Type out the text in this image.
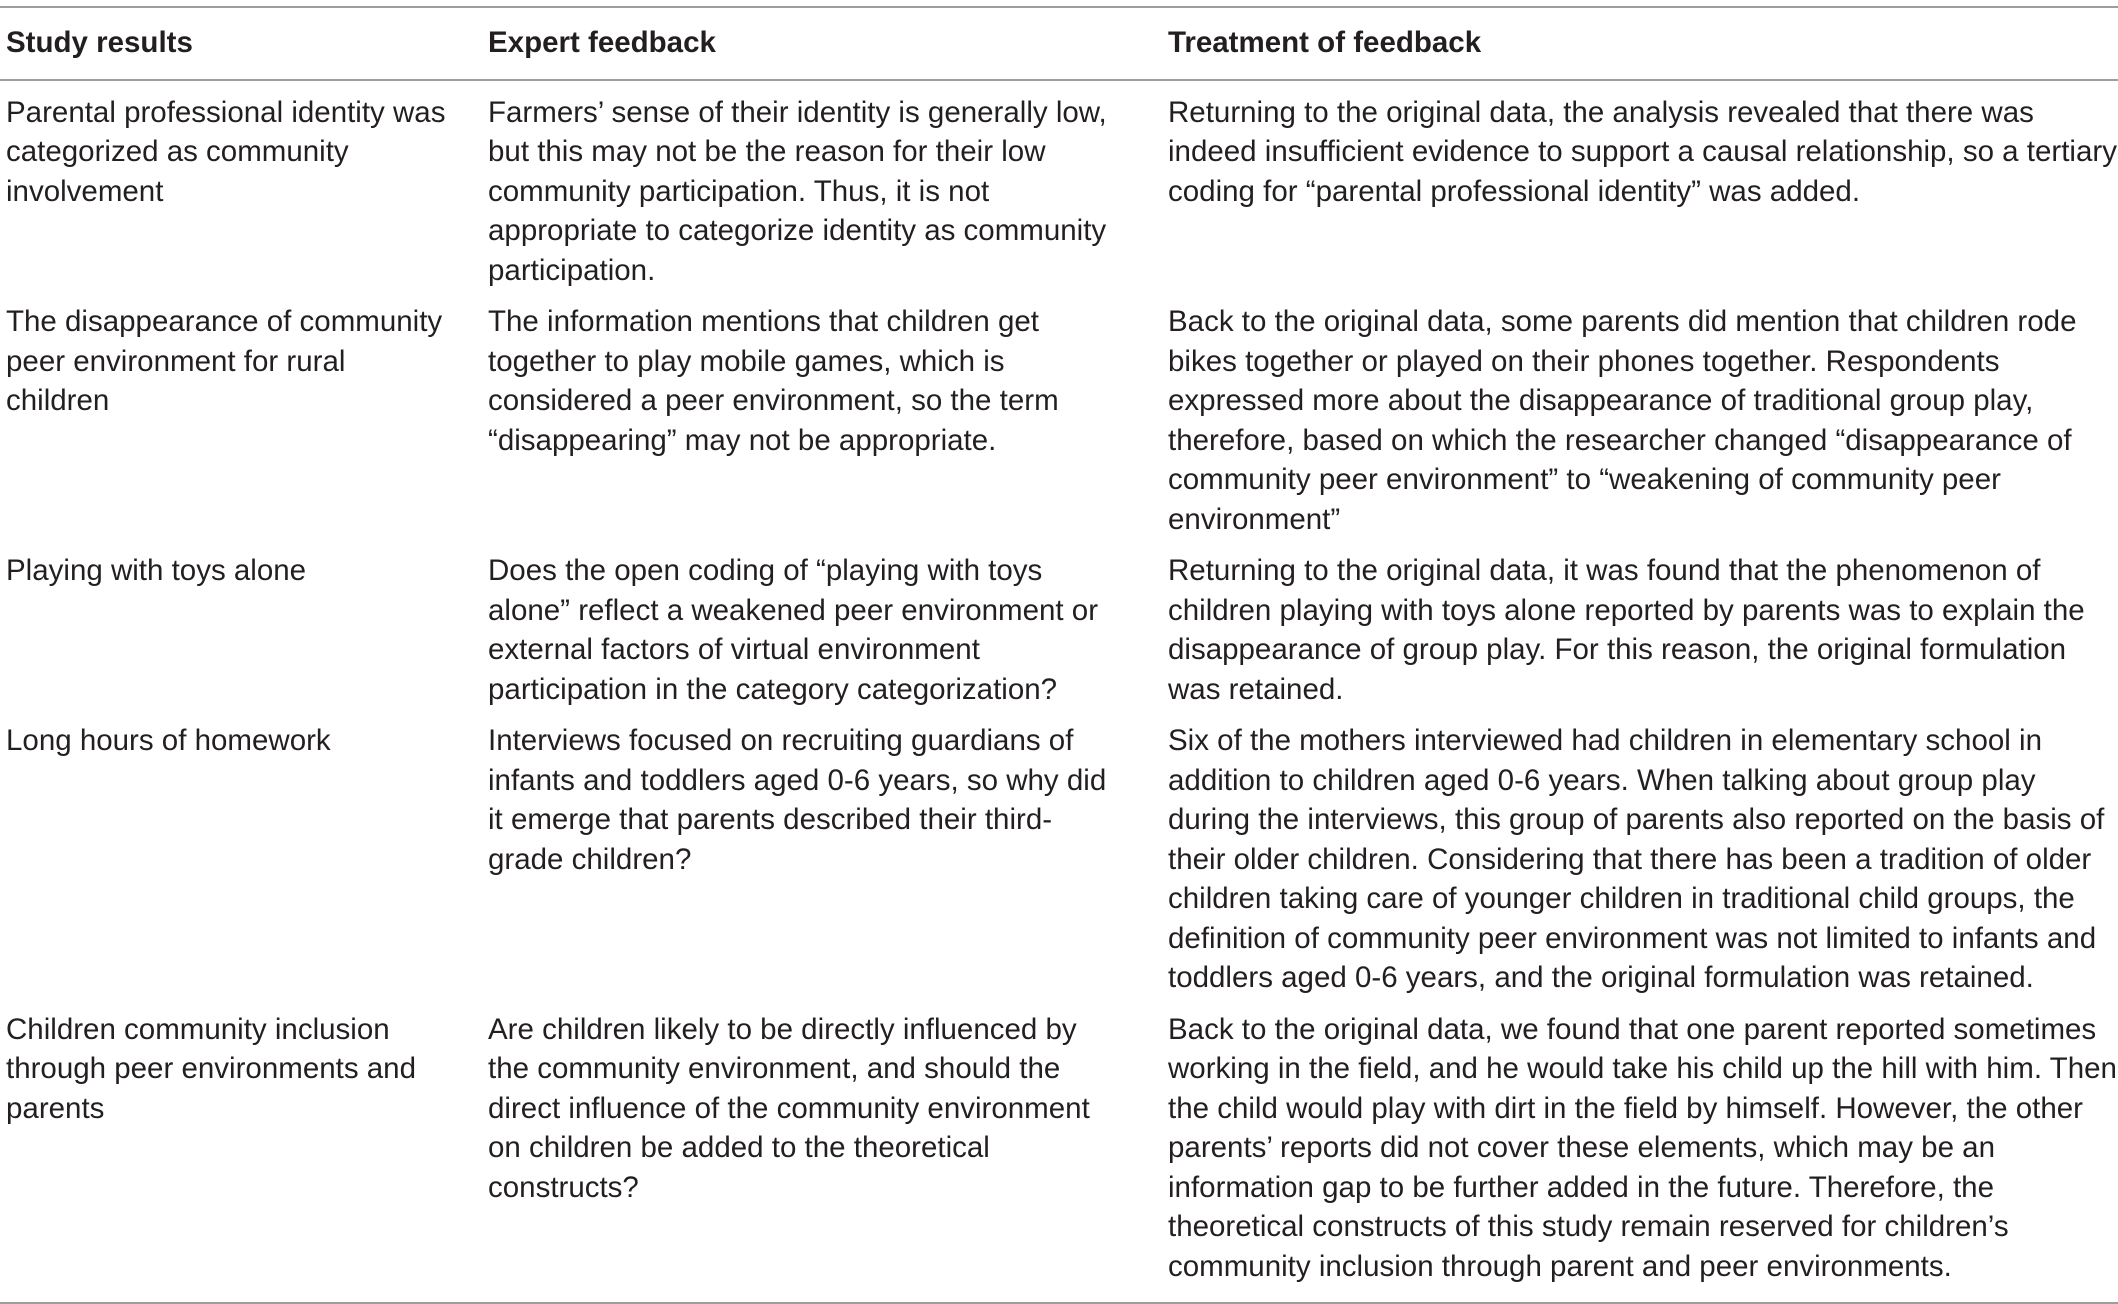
Study results	Expert feedback	Treatment of feedback

Parental professional identity was categorized as community involvement	Farmers’ sense of their identity is generally low, but this may not be the reason for their low community participation. Thus, it is not appropriate to categorize identity as community participation.	Returning to the original data, the analysis revealed that there was indeed insufficient evidence to support a causal relationship, so a tertiary coding for “parental professional identity” was added.

The disappearance of community peer environment for rural children	The information mentions that children get together to play mobile games, which is considered a peer environment, so the term “disappearing” may not be appropriate.	Back to the original data, some parents did mention that children rode bikes together or played on their phones together. Respondents expressed more about the disappearance of traditional group play, therefore, based on which the researcher changed “disappearance of community peer environment” to “weakening of community peer environment”

Playing with toys alone	Does the open coding of “playing with toys alone” reflect a weakened peer environment or external factors of virtual environment participation in the category categorization?	Returning to the original data, it was found that the phenomenon of children playing with toys alone reported by parents was to explain the disappearance of group play. For this reason, the original formulation was retained.

Long hours of homework	Interviews focused on recruiting guardians of infants and toddlers aged 0-6 years, so why did it emerge that parents described their third-grade children?	Six of the mothers interviewed had children in elementary school in addition to children aged 0-6 years. When talking about group play during the interviews, this group of parents also reported on the basis of their older children. Considering that there has been a tradition of older children taking care of younger children in traditional child groups, the definition of community peer environment was not limited to infants and toddlers aged 0-6 years, and the original formulation was retained.

Children community inclusion through peer environments and parents	Are children likely to be directly influenced by the community environment, and should the direct influence of the community environment on children be added to the theoretical constructs?	Back to the original data, we found that one parent reported sometimes working in the field, and he would take his child up the hill with him. Then the child would play with dirt in the field by himself. However, the other parents’ reports did not cover these elements, which may be an information gap to be further added in the future. Therefore, the theoretical constructs of this study remain reserved for children’s community inclusion through parent and peer environments.
